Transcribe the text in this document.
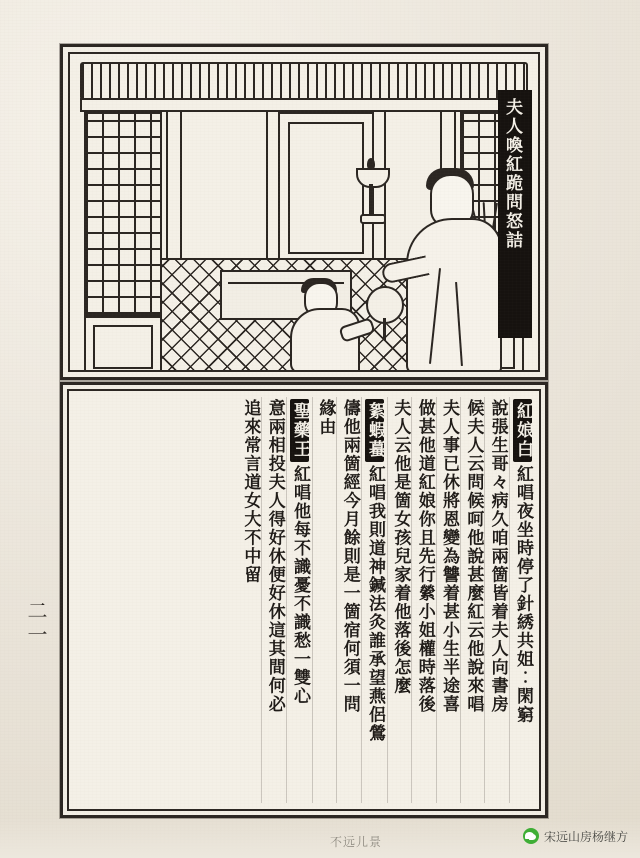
夫人喚紅跪問怒詰
紅娘白紅唱夜坐時停了針綉共姐︰閑窮
說張生哥々病久咱兩箇皆着夫人向書房
候夫人云問候呵他說甚麼紅云他說來唱
夫人事已休將恩變為讐着甚小生半途喜
做甚他道紅娘你且先行縈小姐權時落後
夫人云他是箇女孩兒家着他落後怎麼
絮蝦蟇紅唱我則道神鍼法灸誰承望燕侶鶯
儔他兩箇經今月餘則是一箇宿何須一問
緣由
聖藥王紅唱他每不識憂不識愁一雙心
意兩相投夫人得好休便好休這其間何必
追來常言道女大不中留
二一
不远儿景	宋远山房杨继方
